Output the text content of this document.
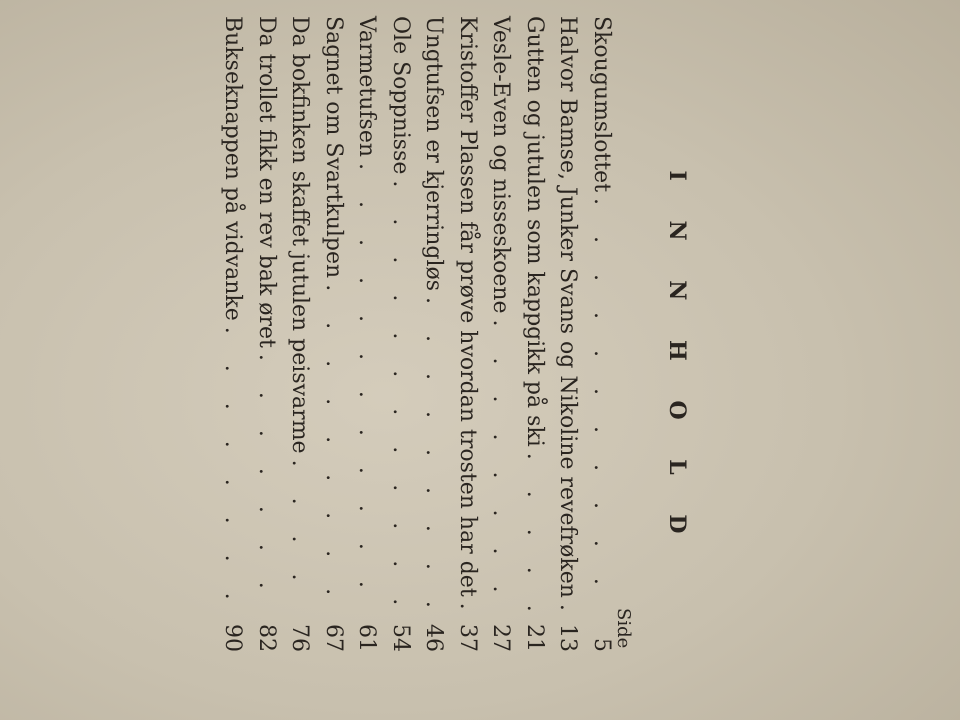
I N N H O L D
Side
Skougumslottet
. . .
5
Halvor Bamse, Junker Svans og Nikoline revefrøken
. . .
13
Gutten og jutulen som kappgikk på ski
. . .
21
Vesle-Even og nisseskoene
. . .
27
Kristoffer Plassen får prøve hvordan trosten har det
. . .
37
Ungtufsen er kjerringløs
. . .
46
Ole Soppnisse
. . .
54
Varmetufsen
. . .
61
Sagnet om Svartkulpen
. . .
67
Da bokfinken skaffet jutulen peisvarme
. . .
76
Da trollet fikk en rev bak øret
. . .
82
Bukseknappen på vidvanke
. . .
90
